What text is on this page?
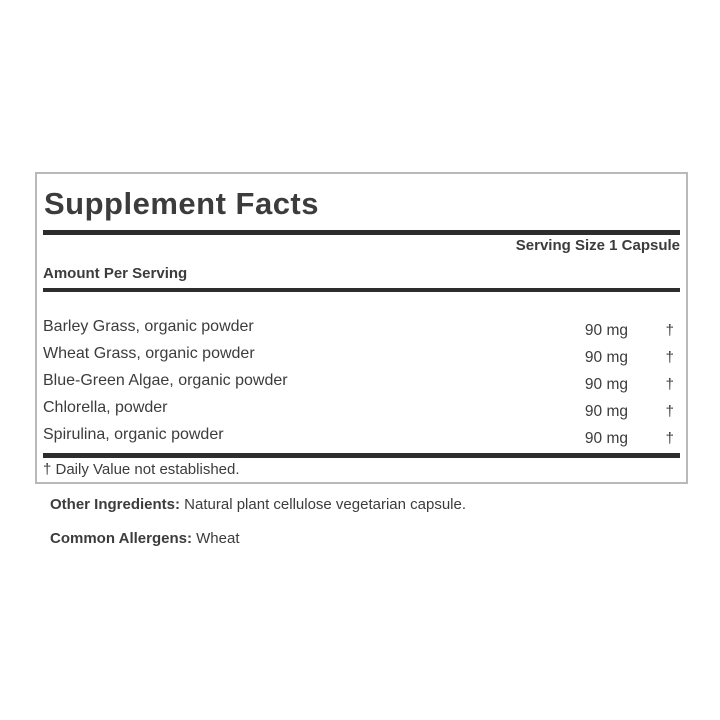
Supplement Facts
Serving Size 1 Capsule
Amount Per Serving
Barley Grass, organic powder	90 mg	†
Wheat Grass, organic powder	90 mg	†
Blue-Green Algae, organic powder	90 mg	†
Chlorella, powder	90 mg	†
Spirulina, organic powder	90 mg	†
† Daily Value not established.
Other Ingredients: Natural plant cellulose vegetarian capsule.
Common Allergens: Wheat
